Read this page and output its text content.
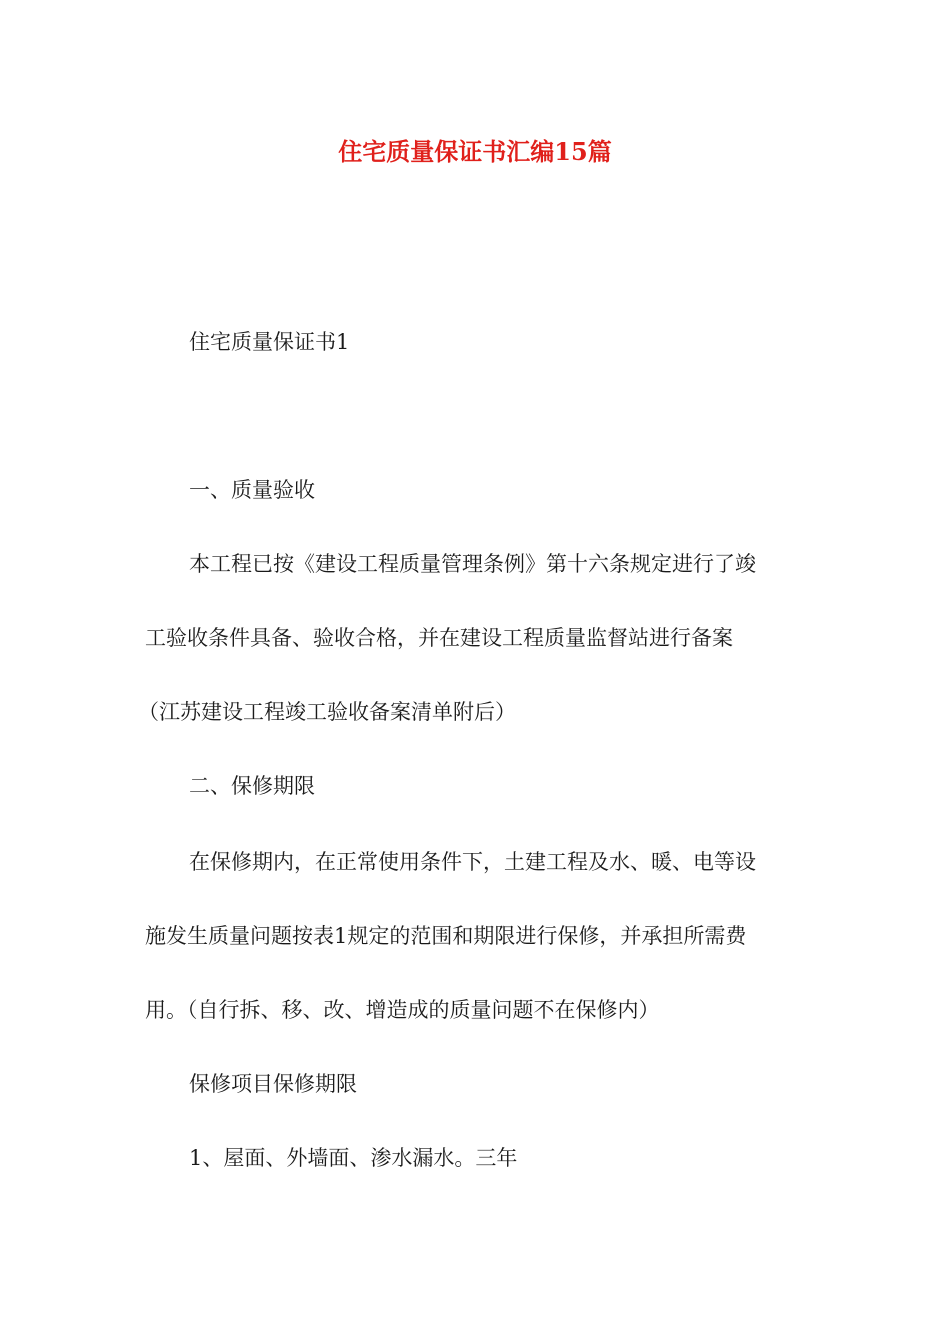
住宅质量保证书汇编15篇

住宅质量保证书1

一、质量验收

本工程已按《建设工程质量管理条例》第十六条规定进行了竣

工验收条件具备、验收合格，并在建设工程质量监督站进行备案

（江苏建设工程竣工验收备案清单附后）

二、保修期限

在保修期内，在正常使用条件下，土建工程及水、暖、电等设

施发生质量问题按表1规定的范围和期限进行保修，并承担所需费

用。（自行拆、移、改、增造成的质量问题不在保修内）

保修项目保修期限

1、屋面、外墙面、渗水漏水。三年
